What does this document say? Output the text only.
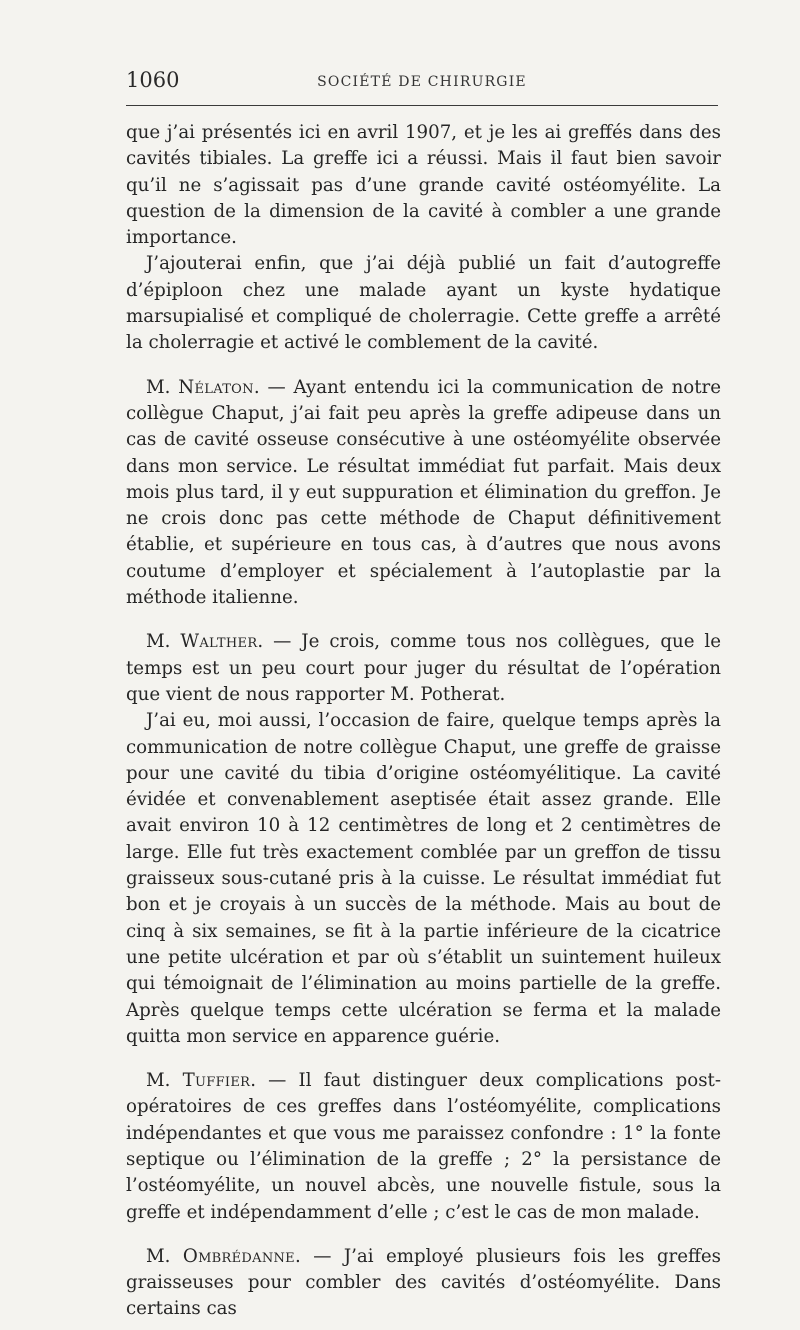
1060	SOCIÉTÉ DE CHIRURGIE

que j’ai présentés ici en avril 1907, et je les ai greffés dans des cavités tibiales. La greffe ici a réussi. Mais il faut bien savoir qu’il ne s’agissait pas d’une grande cavité ostéomyélite. La question de la dimension de la cavité à combler a une grande importance.

J’ajouterai enfin, que j’ai déjà publié un fait d’autogreffe d’épiploon chez une malade ayant un kyste hydatique marsupialisé et compliqué de cholerragie. Cette greffe a arrêté la cholerragie et activé le comblement de la cavité.

M. Nélaton. — Ayant entendu ici la communication de notre collègue Chaput, j’ai fait peu après la greffe adipeuse dans un cas de cavité osseuse consécutive à une ostéomyélite observée dans mon service. Le résultat immédiat fut parfait. Mais deux mois plus tard, il y eut suppuration et élimination du greffon. Je ne crois donc pas cette méthode de Chaput définitivement établie, et supérieure en tous cas, à d’autres que nous avons coutume d’employer et spécialement à l’autoplastie par la méthode italienne.

M. Walther. — Je crois, comme tous nos collègues, que le temps est un peu court pour juger du résultat de l’opération que vient de nous rapporter M. Potherat.

J’ai eu, moi aussi, l’occasion de faire, quelque temps après la communication de notre collègue Chaput, une greffe de graisse pour une cavité du tibia d’origine ostéomyélitique. La cavité évidée et convenablement aseptisée était assez grande. Elle avait environ 10 à 12 centimètres de long et 2 centimètres de large. Elle fut très exactement comblée par un greffon de tissu graisseux sous-cutané pris à la cuisse. Le résultat immédiat fut bon et je croyais à un succès de la méthode. Mais au bout de cinq à six semaines, se fit à la partie inférieure de la cicatrice une petite ulcération et par où s’établit un suintement huileux qui témoignait de l’élimination au moins partielle de la greffe. Après quelque temps cette ulcération se ferma et la malade quitta mon service en apparence guérie.

M. Tuffier. — Il faut distinguer deux complications post-opératoires de ces greffes dans l’ostéomyélite, complications indépendantes et que vous me paraissez confondre : 1° la fonte septique ou l’élimination de la greffe ; 2° la persistance de l’ostéomyélite, un nouvel abcès, une nouvelle fistule, sous la greffe et indépendamment d’elle ; c’est le cas de mon malade.

M. Ombrédanne. — J’ai employé plusieurs fois les greffes graisseuses pour combler des cavités d’ostéomyélite. Dans certains cas
